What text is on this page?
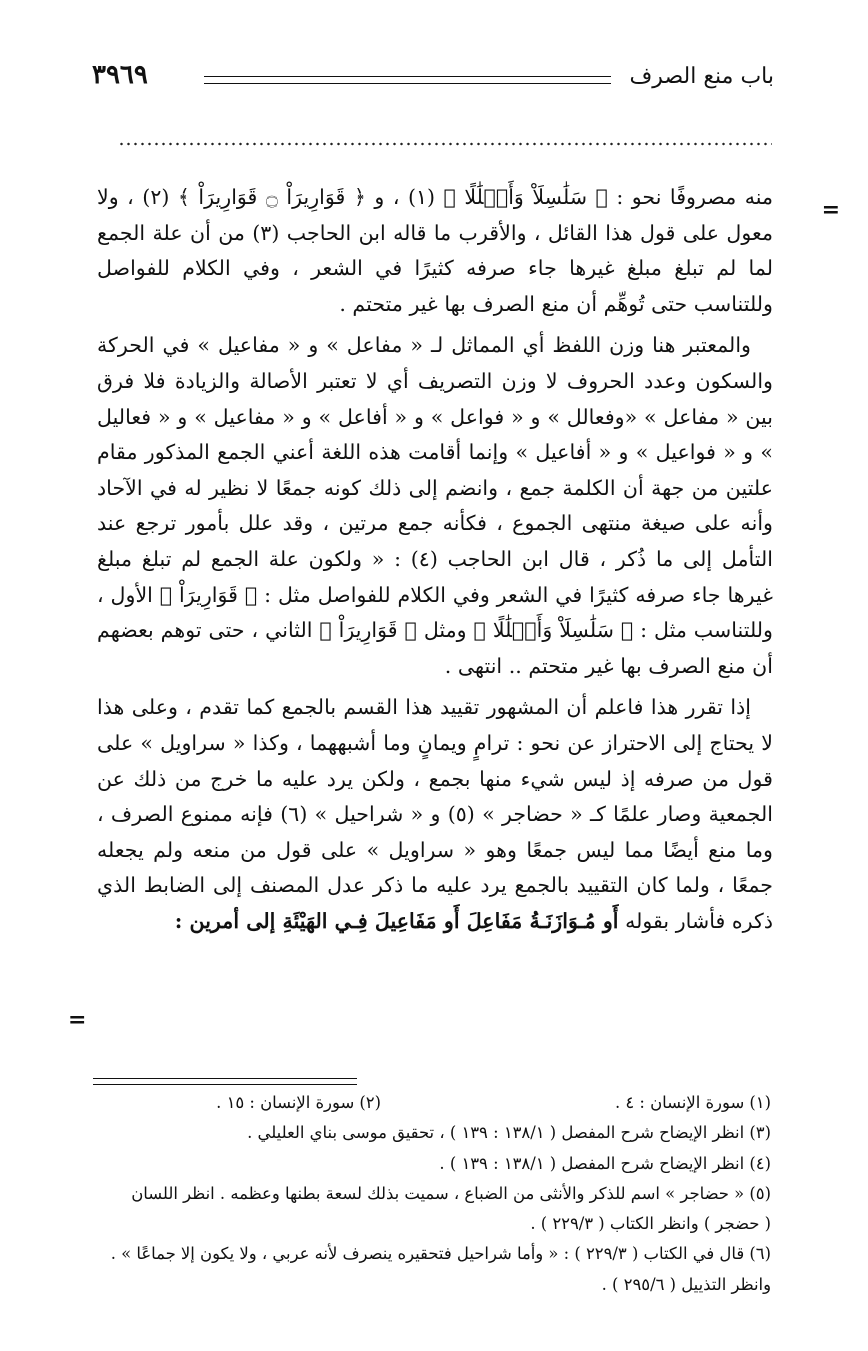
باب منع الصرف
٣٩٦٩
=

منه مصروفًا نحو : ﴿ سَلَٰسِلَاْ وَأَغۡلَٰلًا ﴾ (١) ، و ﴿ قَوَارِيرَاْ ۝ قَوَارِيرَاْ ﴾ (٢) ، ولا معول على قول هذا القائل ، والأقرب ما قاله ابن الحاجب (٣) من أن علة الجمع لما لم تبلغ مبلغ غيرها جاء صرفه كثيرًا في الشعر ، وفي الكلام للفواصل وللتناسب حتى تُوهِّم أن منع الصرف بها غير متحتم .

والمعتبر هنا وزن اللفظ أي المماثل لـ « مفاعل » و « مفاعيل » في الحركة والسكون وعدد الحروف لا وزن التصريف أي لا تعتبر الأصالة والزيادة فلا فرق بين « مفاعل » «وفعالل » و « فواعل » و « أفاعل » و « مفاعيل » و « فعاليل » و « فواعيل » و « أفاعيل » وإنما أقامت هذه اللغة أعني الجمع المذكور مقام علتين من جهة أن الكلمة جمع ، وانضم إلى ذلك كونه جمعًا لا نظير له في الآحاد وأنه على صيغة منتهى الجموع ، فكأنه جمع مرتين ، وقد علل بأمور ترجع عند التأمل إلى ما ذُكر ، قال ابن الحاجب (٤) : « ولكون علة الجمع لم تبلغ مبلغ غيرها جاء صرفه كثيرًا في الشعر وفي الكلام للفواصل مثل : ﴿ قَوَارِيرَاْ ﴾ الأول ، وللتناسب مثل : ﴿ سَلَٰسِلَاْ وَأَغۡلَٰلًا ﴾ ومثل ﴿ قَوَارِيرَاْ ﴾ الثاني ، حتى توهم بعضهم أن منع الصرف بها غير متحتم .. انتهى .

إذا تقرر هذا فاعلم أن المشهور تقييد هذا القسم بالجمع كما تقدم ، وعلى هذا لا يحتاج إلى الاحتراز عن نحو : ترامٍ ويمانٍ وما أشبههما ، وكذا « سراويل » على قول من صرفه إذ ليس شيء منها بجمع ، ولكن يرد عليه ما خرج من ذلك عن الجمعية وصار علمًا كـ « حضاجر » (٥) و « شراحيل » (٦) فإنه ممنوع الصرف ، وما منع أيضًا مما ليس جمعًا وهو « سراويل » على قول من منعه ولم يجعله جمعًا ، ولما كان التقييد بالجمع يرد عليه ما ذكر عدل المصنف إلى الضابط الذي ذكره فأشار بقوله أَو مُـوَازَنَـةُ مَفَاعِلَ أَو مَفَاعِيلَ فِـي الهَيْئَةِ إلى أمرين :

=
(١) سورة الإنسان : ٤ .
(٢) سورة الإنسان : ١٥ .

(٣) انظر الإيضاح شرح المفصل ( ١٣٨/١ : ١٣٩ ) ، تحقيق موسى بناي العليلي .

(٤) انظر الإيضاح شرح المفصل ( ١٣٨/١ : ١٣٩ ) .

(٥) « حضاجر » اسم للذكر والأنثى من الضباع ، سميت بذلك لسعة بطنها وعظمه . انظر اللسان

( حضجر ) وانظر الكتاب ( ٢٢٩/٣ ) .

(٦) قال في الكتاب ( ٢٢٩/٣ ) : « وأما شراحيل فتحقيره ينصرف لأنه عربي ، ولا يكون إلا جماعًا » .

وانظر التذييل ( ٢٩٥/٦ ) .
